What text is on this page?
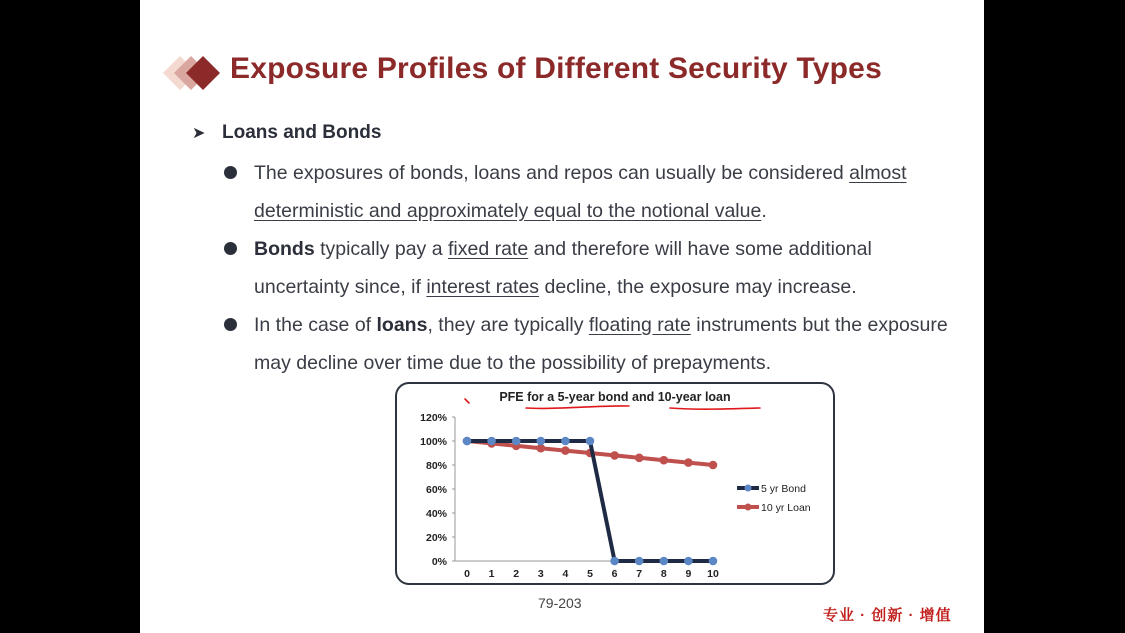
Exposure Profiles of Different Security Types
➤ Loans and Bonds
The exposures of bonds, loans and repos can usually be considered almost deterministic and approximately equal to the notional value.
Bonds typically pay a fixed rate and therefore will have some additional uncertainty since, if interest rates decline, the exposure may increase.
In the case of loans, they are typically floating rate instruments but the exposure may decline over time due to the possibility of prepayments.
PFE for a 5-year bond and 10-year loan
0%
20%
40%
60%
80%
100%
120%
0 1 2 3 4 5 6 7 8 9 10
5 yr Bond
10 yr Loan
79-203
专业 · 创新 · 增值
